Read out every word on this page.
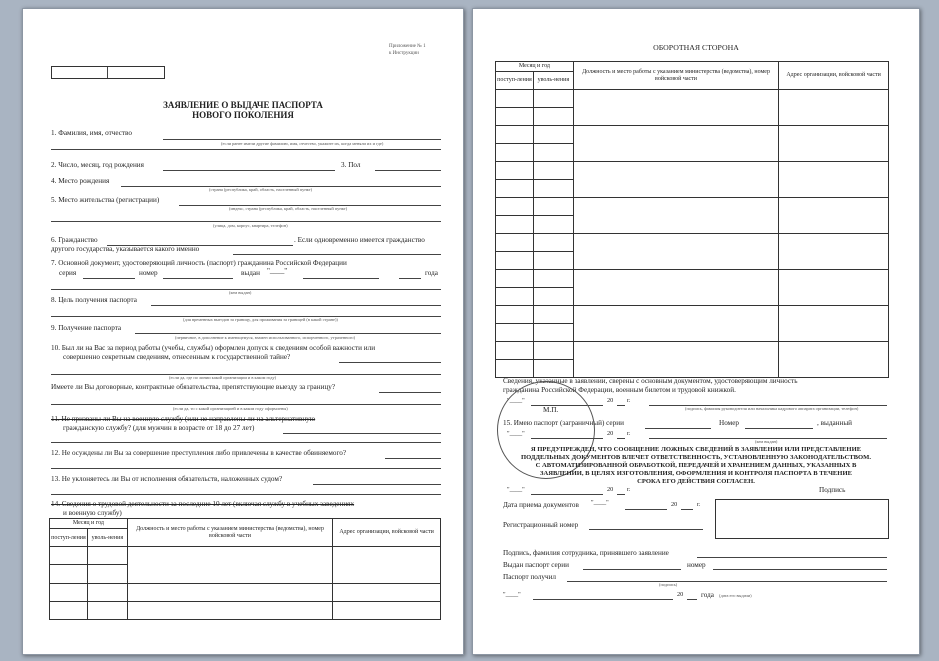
Приложение № 1
к Инструкции
ЗАЯВЛЕНИЕ О ВЫДАЧЕ ПАСПОРТА
НОВОГО ПОКОЛЕНИЯ
1. Фамилия, имя, отчество
(если ранее имели другие фамилию, имя, отчество, укажите их, когда меняли их и где)
2. Число, месяц, год рождения	3. Пол
4. Место рождения
(страна (республика, край, область, населенный пункт)
5. Место жительства (регистрации)
(индекс, страна (республика, край, область, населенный пункт)
(улица, дом, корпус, квартира, телефон)
6. Гражданство	. Если одновременно имеется гражданство
другого государства, указывается какого именно
7. Основной документ, удостоверяющий личность (паспорт) гражданина Российской Федерации
серия	номер	выдан "____"	года
(кем выдан)
8. Цель получения паспорта
(для временных выездов за границу, для проживания за границей (в какой стране))
9. Получение паспорта
(первичное, в дополнение к имеющемуся, взамен использованного, испорченного, утраченного)
10. Был ли на Вас за период работы (учебы, службы) оформлен допуск к сведениям особой важности или
совершенно секретным сведениям, отнесенным к государственной тайне?
(если да, где по линии какой организации и в каком году)
Имеете ли Вы договорные, контрактные обязательства, препятствующие выезду за границу?
(если да, то с какой организацией и в каком году оформлены)
11. Не призваны ли Вы на военную службу (или не направлены ли на альтернативную
гражданскую службу? (для мужчин в возрасте от 18 до 27 лет)
12. Не осуждены ли Вы за совершение преступления либо привлечены в качестве обвиняемого?
13. Не уклоняетесь ли Вы от исполнения обязательств, наложенных судом?
14. Сведения о трудовой деятельности за последние 10 лет (включая службу в учебных заведениях
и военную службу)
Месяц и год		Должность и место работы с указанием министерства (ведомства), номер войсковой части	Адрес организации, войсковой части
поступ-ления	уволь-нения		

ОБОРОТНАЯ СТОРОНА
Месяц и год		Должность и место работы с указанием министерства (ведомства), номер войсковой части	Адрес организации, войсковой части
поступ-ления	уволь-нения		

Сведения, указанные в заявлении, сверены с основным документом, удостоверяющим личность
гражданина Российской Федерации, военным билетом и трудовой книжкой.
"____"	20 г.
М.П.	(подпись, фамилия руководителя или начальника кадрового аппарата организации, телефон)
15. Имею паспорт (заграничный) серии	Номер	, выданный
"____"	20 г.
(кем выдан)
Я ПРЕДУПРЕЖДЕН, ЧТО СООБЩЕНИЕ ЛОЖНЫХ СВЕДЕНИЙ В ЗАЯВЛЕНИИ ИЛИ ПРЕДСТАВЛЕНИЕ
ПОДДЕЛЬНЫХ ДОКУМЕНТОВ ВЛЕЧЕТ ОТВЕТСТВЕННОСТЬ, УСТАНОВЛЕННУЮ ЗАКОНОДАТЕЛЬСТВОМ.
С АВТОМАТИЗИРОВАННОЙ ОБРАБОТКОЙ, ПЕРЕДАЧЕЙ И ХРАНЕНИЕМ ДАННЫХ, УКАЗАННЫХ В
ЗАЯВЛЕНИИ, В ЦЕЛЯХ ИЗГОТОВЛЕНИЯ, ОФОРМЛЕНИЯ И КОНТРОЛЯ ПАСПОРТА В ТЕЧЕНИЕ
СРОКА ЕГО ДЕЙСТВИЯ СОГЛАСЕН.
"____"	20 г.	Подпись
Дата приема документов "____"	20	г.
Регистрационный номер
Подпись, фамилия сотрудника, принявшего заявление
Выдан паспорт серии	номер
Паспорт получил
(подпись)
"____"	20 года (дата его выдачи)
